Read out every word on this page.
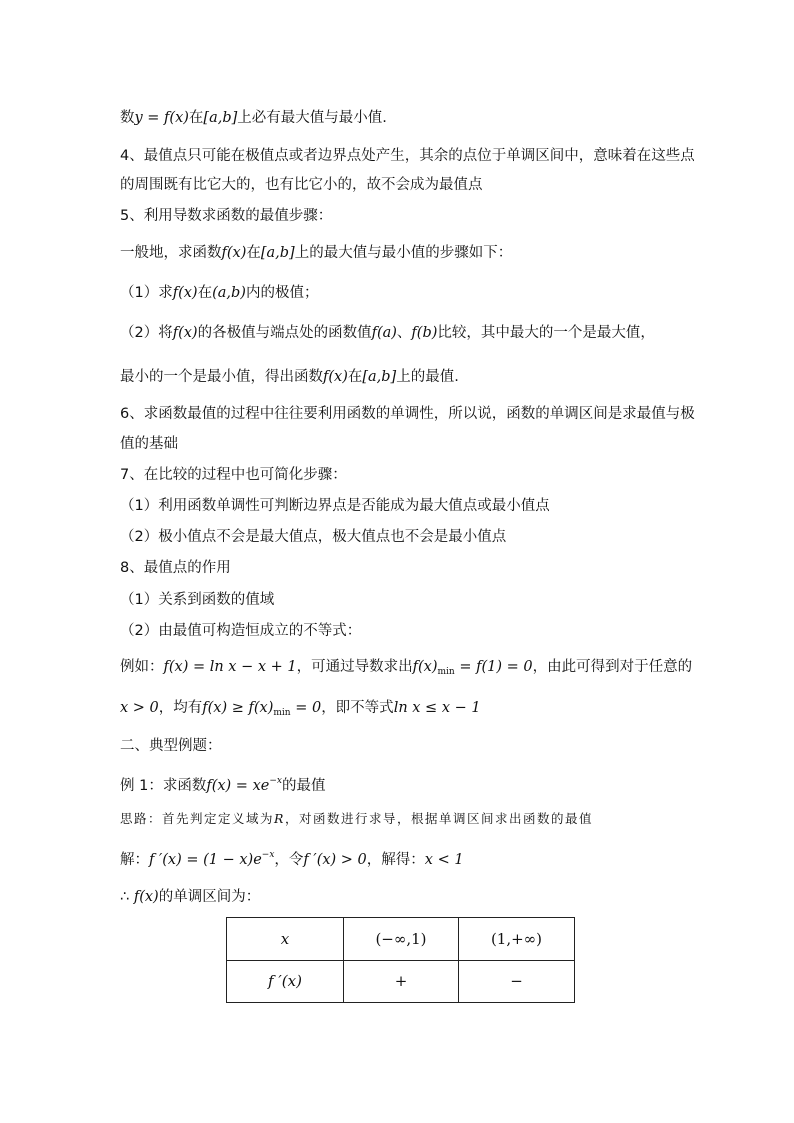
数y = f(x)在[a,b]上必有最大值与最小值.
4、最值点只可能在极值点或者边界点处产生，其余的点位于单调区间中，意味着在这些点
的周围既有比它大的，也有比它小的，故不会成为最值点
5、利用导数求函数的最值步骤：
一般地，求函数f(x)在[a,b]上的最大值与最小值的步骤如下：
（1）求f(x)在(a,b)内的极值；
（2）将f(x)的各极值与端点处的函数值f(a)、f(b)比较，其中最大的一个是最大值，
最小的一个是最小值，得出函数f(x)在[a,b]上的最值.
6、求函数最值的过程中往往要利用函数的单调性，所以说，函数的单调区间是求最值与极
值的基础
7、在比较的过程中也可简化步骤：
（1）利用函数单调性可判断边界点是否能成为最大值点或最小值点
（2）极小值点不会是最大值点，极大值点也不会是最小值点
8、最值点的作用
（1）关系到函数的值域
（2）由最值可构造恒成立的不等式：
例如：f(x) = ln x − x + 1，可通过导数求出$f(x)_{min} = f(1) = 0$，由此可得到对于任意的
x > 0，均有$f(x) \ge f(x)_{min} = 0$，即不等式ln x ≤ x − 1
二、典型例题：
例 1：求函数$f(x) = xe^{-x}$的最值
思路：首先判定定义域为R，对函数进行求导，根据单调区间求出函数的最值
解：f $'(x) = (1 - x)e^{-x}$，令f ′(x) > 0，解得：x < 1
∴ f(x)的单调区间为：
x	(−∞,1)	(1,+∞)
f ′(x)	+	−
